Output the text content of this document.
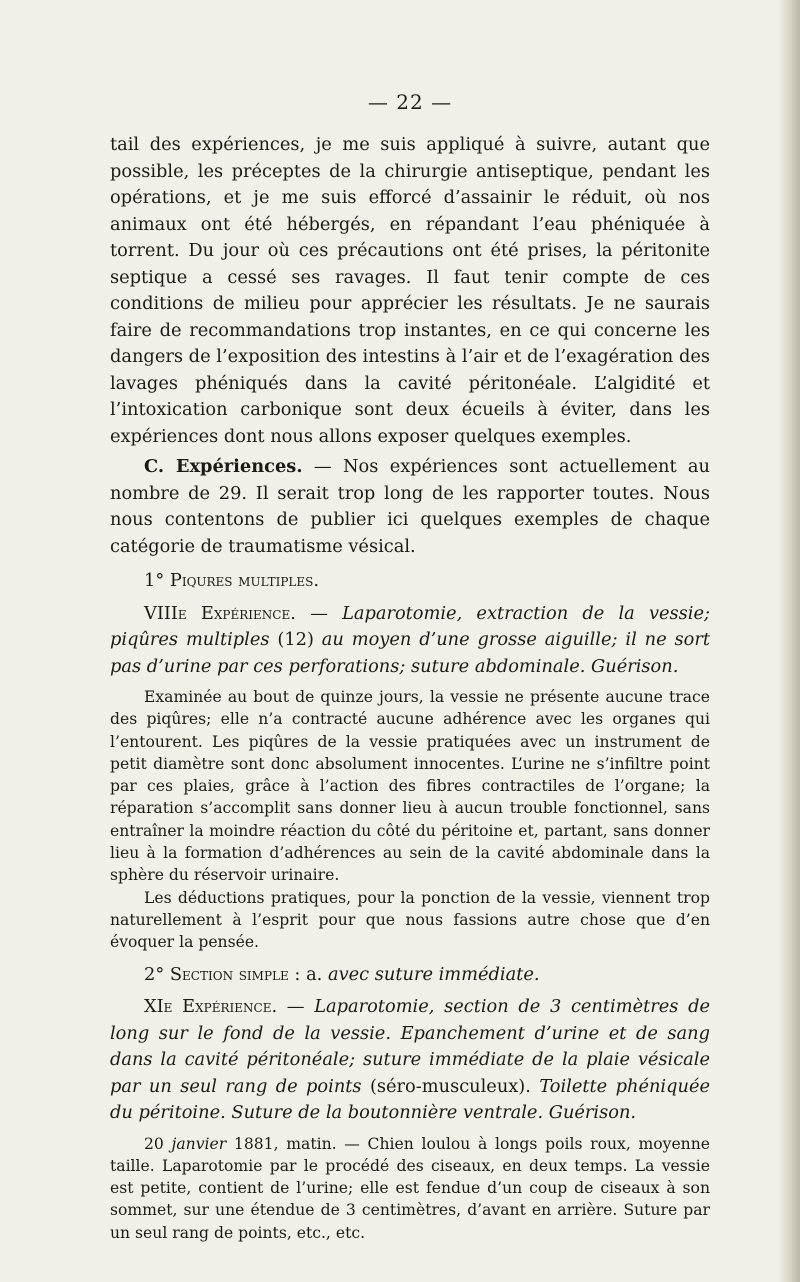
— 22 —

tail des expériences, je me suis appliqué à suivre, autant que possible, les préceptes de la chirurgie antiseptique, pendant les opérations, et je me suis efforcé d’assainir le réduit, où nos animaux ont été hébergés, en répandant l’eau phéniquée à torrent. Du jour où ces précautions ont été prises, la péritonite septique a cessé ses ravages. Il faut tenir compte de ces conditions de milieu pour apprécier les résultats. Je ne saurais faire de recommandations trop instantes, en ce qui concerne les dangers de l’exposition des intestins à l’air et de l’exagération des lavages phéniqués dans la cavité péritonéale. L’algidité et l’intoxication carbonique sont deux écueils à éviter, dans les expériences dont nous allons exposer quelques exemples.

C. Expériences. — Nos expériences sont actuellement au nombre de 29. Il serait trop long de les rapporter toutes. Nous nous contentons de publier ici quelques exemples de chaque catégorie de traumatisme vésical.

1° Piqures multiples.

VIIIe Expérience. — Laparotomie, extraction de la vessie; piqûres multiples (12) au moyen d’une grosse aiguille; il ne sort pas d’urine par ces perforations; suture abdominale. Guérison.

Examinée au bout de quinze jours, la vessie ne présente aucune trace des piqûres; elle n’a contracté aucune adhérence avec les organes qui l’entourent. Les piqûres de la vessie pratiquées avec un instrument de petit diamètre sont donc absolument innocentes. L’urine ne s’infiltre point par ces plaies, grâce à l’action des fibres contractiles de l’organe; la réparation s’accomplit sans donner lieu à aucun trouble fonctionnel, sans entraîner la moindre réaction du côté du péritoine et, partant, sans donner lieu à la formation d’adhérences au sein de la cavité abdominale dans la sphère du réservoir urinaire.

Les déductions pratiques, pour la ponction de la vessie, viennent trop naturellement à l’esprit pour que nous fassions autre chose que d’en évoquer la pensée.

2° Section simple : a. avec suture immédiate.

XIe Expérience. — Laparotomie, section de 3 centimètres de long sur le fond de la vessie. Epanchement d’urine et de sang dans la cavité péritonéale; suture immédiate de la plaie vésicale par un seul rang de points (séro-musculeux). Toilette phéniquée du péritoine. Suture de la boutonnière ventrale. Guérison.

20 janvier 1881, matin. — Chien loulou à longs poils roux, moyenne taille. Laparotomie par le procédé des ciseaux, en deux temps. La vessie est petite, contient de l’urine; elle est fendue d’un coup de ciseaux à son sommet, sur une étendue de 3 centimètres, d’avant en arrière. Suture par un seul rang de points, etc., etc.
